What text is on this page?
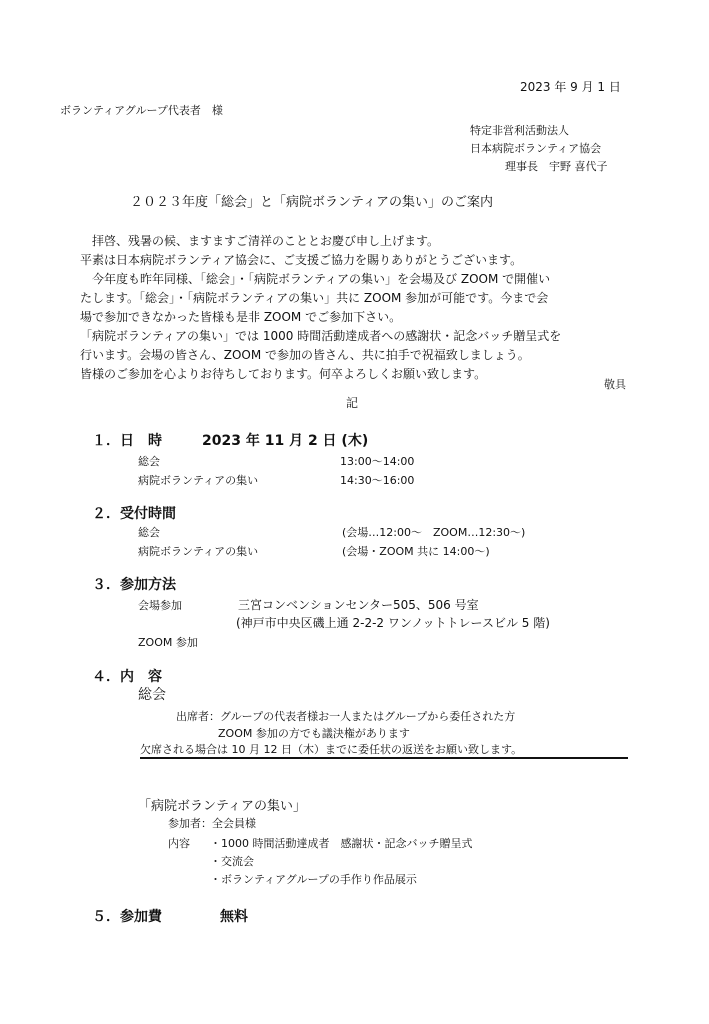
2023 年 9 月 1 日
ボランティアグループ代表者　様
特定非営利活動法人
日本病院ボランティア協会
理事長　宇野 喜代子
２０２３年度「総会」と「病院ボランティアの集い」のご案内
　拝啓、残暑の候、ますますご清祥のこととお慶び申し上げます。
平素は日本病院ボランティア協会に、ご支援ご協力を賜りありがとうございます。
　今年度も昨年同様、「総会」・「病院ボランティアの集い」を会場及び ZOOM で開催い
たします。「総会」・「病院ボランティアの集い」共に ZOOM 参加が可能です。今まで会
場で参加できなかった皆様も是非 ZOOM でご参加下さい。
「病院ボランティアの集い」では 1000 時間活動達成者への感謝状・記念バッチ贈呈式を
行います。会場の皆さん、ZOOM で参加の皆さん、共に拍手で祝福致しましょう。
皆様のご参加を心よりお待ちしております。何卒よろしくお願い致します。
敬具
記
１．日　時	2023 年 11 月 2 日 (木)
総会	13:00～14:00
病院ボランティアの集い	14:30～16:00
２．受付時間
総会	(会場…12:00～　ZOOM…12:30～)
病院ボランティアの集い	(会場・ZOOM 共に 14:00～)
３．参加方法
会場参加	三宮コンベンションセンター505、506 号室
(神戸市中央区磯上通 2-2-2 ワンノットトレースビル 5 階)
ZOOM 参加
４．内　容
総会
出席者：グループの代表者様お一人またはグループから委任された方
ZOOM 参加の方でも議決権があります
欠席される場合は 10 月 12 日（木）までに委任状の返送をお願い致します。
「病院ボランティアの集い」
参加者：全会員様
内容 ・1000 時間活動達成者　感謝状・記念バッチ贈呈式
・交流会
・ボランティアグループの手作り作品展示
５．参加費	無料
